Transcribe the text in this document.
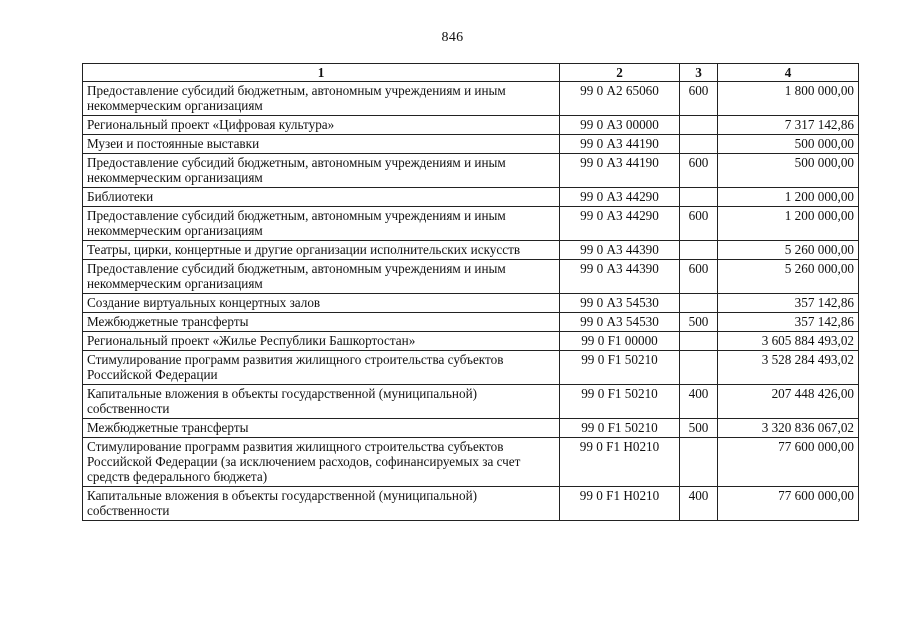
846
1	2	3	4
Предоставление субсидий бюджетным, автономным учреждениям и иным некоммерческим организациям	99 0 А2 65060	600	1 800 000,00
Региональный проект «Цифровая культура»	99 0 А3 00000		7 317 142,86
Музеи и постоянные выставки	99 0 А3 44190		500 000,00
Предоставление субсидий бюджетным, автономным учреждениям и иным некоммерческим организациям	99 0 А3 44190	600	500 000,00
Библиотеки	99 0 А3 44290		1 200 000,00
Предоставление субсидий бюджетным, автономным учреждениям и иным некоммерческим организациям	99 0 А3 44290	600	1 200 000,00
Театры, цирки, концертные и другие организации исполнительских искусств	99 0 А3 44390		5 260 000,00
Предоставление субсидий бюджетным, автономным учреждениям и иным некоммерческим организациям	99 0 А3 44390	600	5 260 000,00
Создание виртуальных концертных залов	99 0 А3 54530		357 142,86
Межбюджетные трансферты	99 0 А3 54530	500	357 142,86
Региональный проект «Жилье Республики Башкортостан»	99 0 F1 00000		3 605 884 493,02
Стимулирование программ развития жилищного строительства субъектов Российской Федерации	99 0 F1 50210		3 528 284 493,02
Капитальные вложения в объекты государственной (муниципальной) собственности	99 0 F1 50210	400	207 448 426,00
Межбюджетные трансферты	99 0 F1 50210	500	3 320 836 067,02
Стимулирование программ развития жилищного строительства субъектов Российской Федерации (за исключением расходов, софинансируемых за счет средств федерального бюджета)	99 0 F1 Н0210		77 600 000,00
Капитальные вложения в объекты государственной (муниципальной) собственности	99 0 F1 Н0210	400	77 600 000,00
